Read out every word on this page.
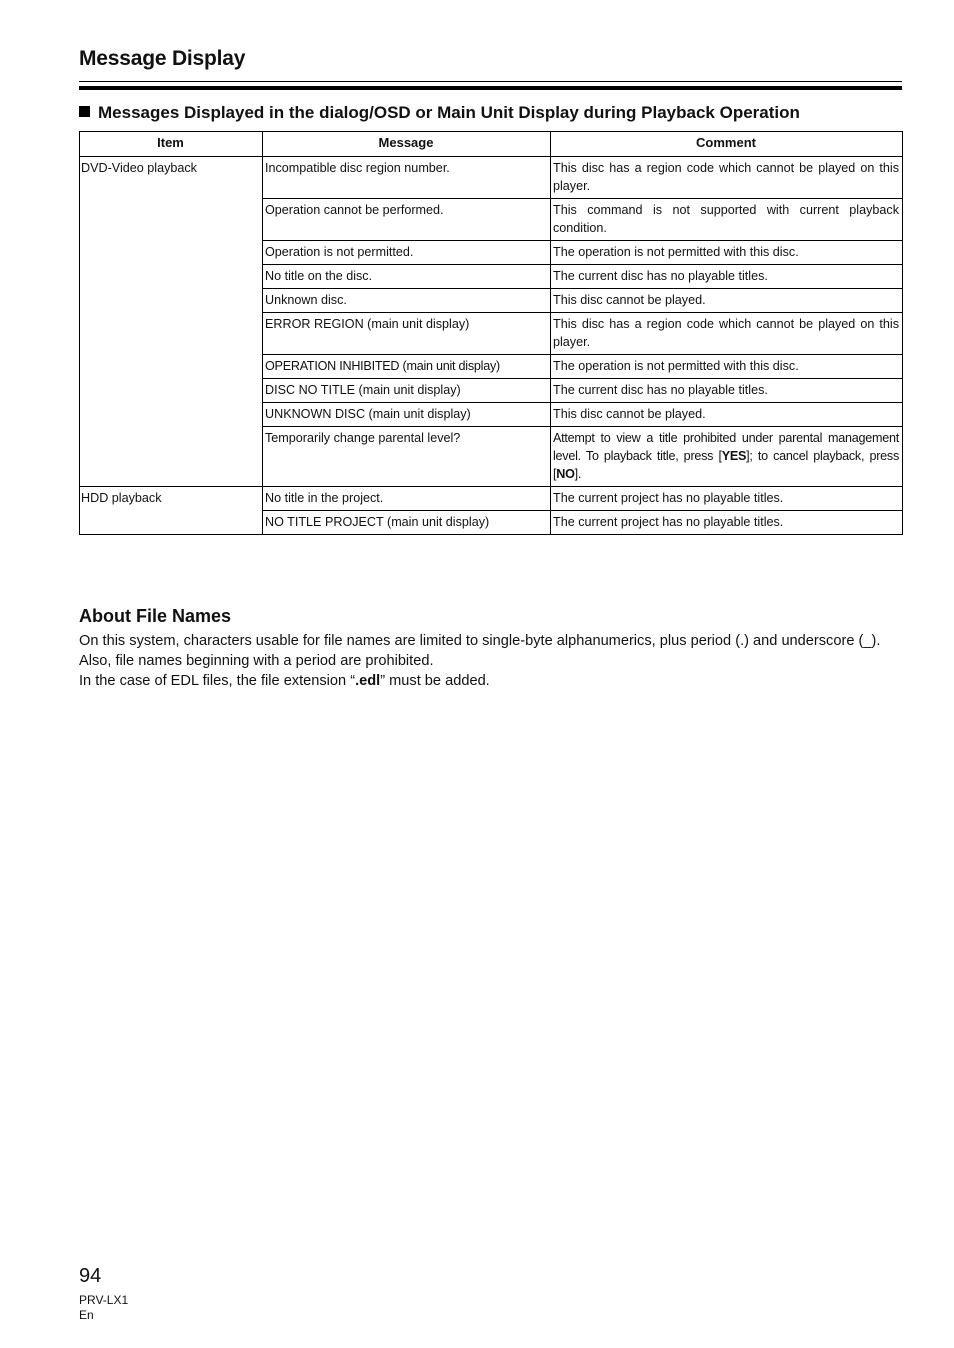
Message Display
Messages Displayed in the dialog/OSD or Main Unit Display during Playback Operation
Item	Message	Comment
DVD-Video playback	Incompatible disc region number.	This disc has a region code which cannot be played on this player.
	Operation cannot be performed.	This command is not supported with current playback condition.
	Operation is not permitted.	The operation is not permitted with this disc.
	No title on the disc.	The current disc has no playable titles.
	Unknown disc.	This disc cannot be played.
	ERROR REGION (main unit display)	This disc has a region code which cannot be played on this player.
	OPERATION INHIBITED (main unit display)	The operation is not permitted with this disc.
	DISC NO TITLE (main unit display)	The current disc has no playable titles.
	UNKNOWN DISC (main unit display)	This disc cannot be played.
	Temporarily change parental level?	Attempt to view a title prohibited under parental management level. To playback title, press [YES]; to cancel playback, press [NO].
HDD playback	No title in the project.	The current project has no playable titles.
	NO TITLE PROJECT (main unit display)	The current project has no playable titles.
About File Names

On this system, characters usable for file names are limited to single-byte alphanumerics, plus period (.) and underscore (_). Also, file names beginning with a period are prohibited.

In the case of EDL files, the file extension “.edl” must be added.

94
PRV-LX1
En
